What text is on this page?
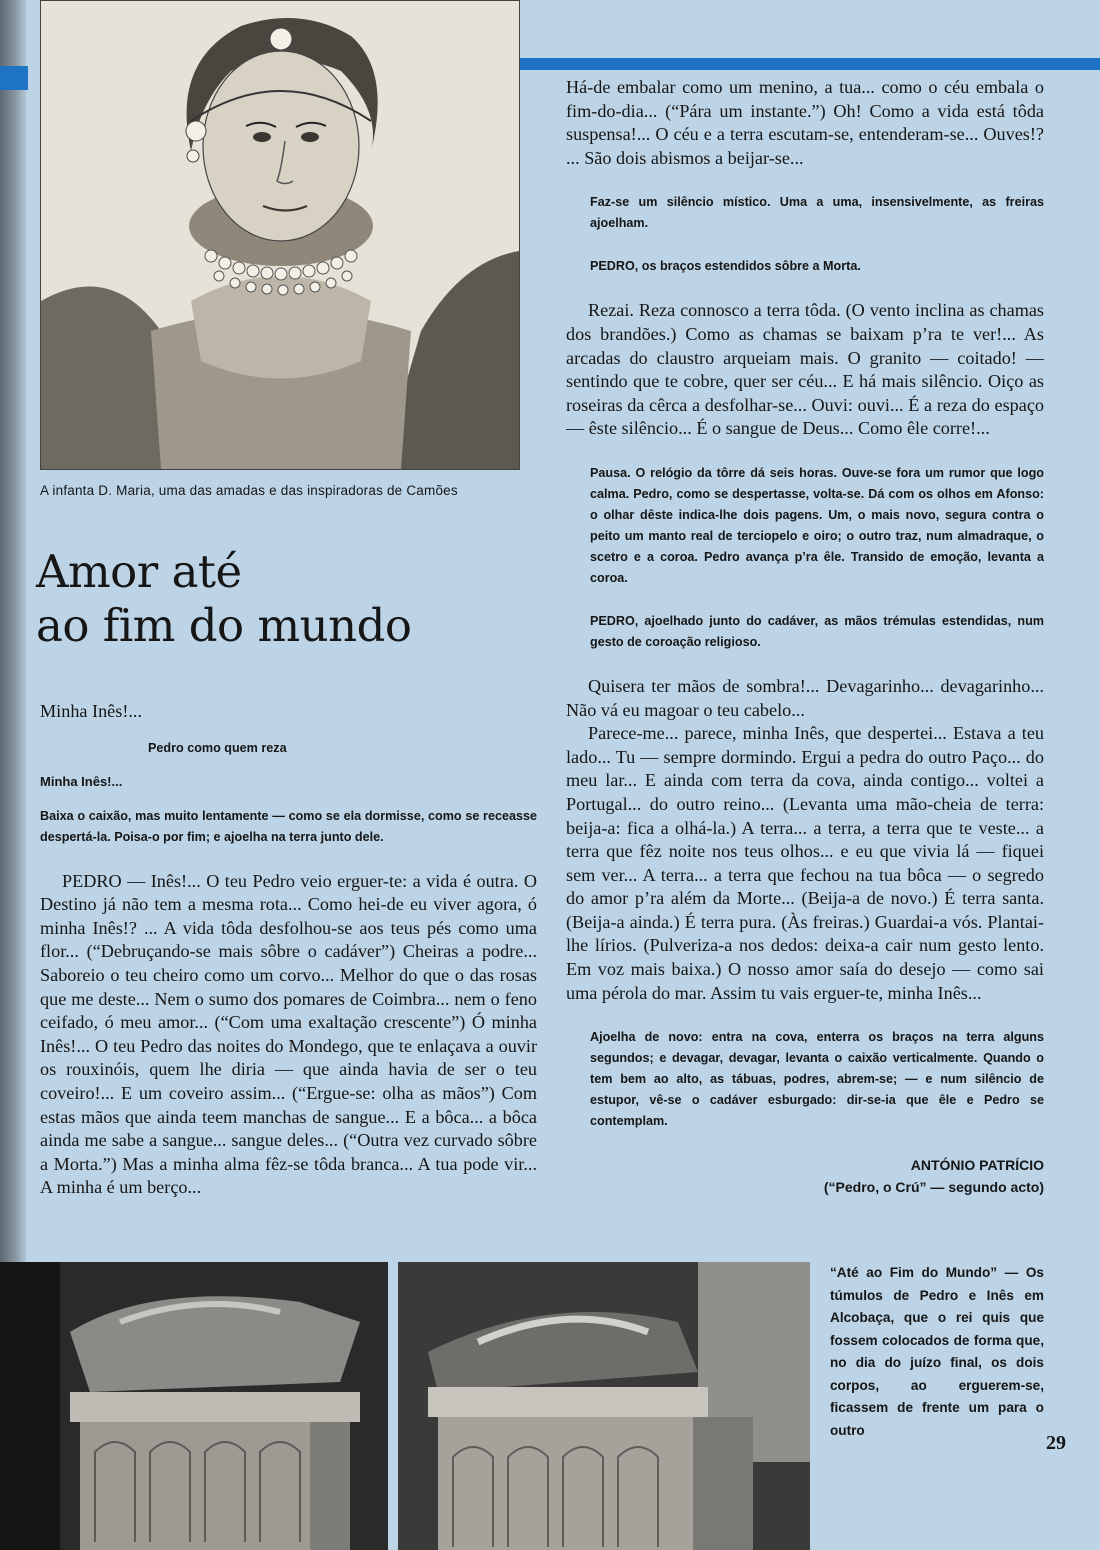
A infanta D. Maria, uma das amadas e das inspiradoras de Camões
Amor até
ao fim do mundo

Minha Inês!...

Pedro como quem reza

Minha Inês!...

Baixa o caixão, mas muito lentamente — como se ela dormisse, como se receasse despertá-la. Poisa-o por fim; e ajoelha na terra junto dele.

PEDRO — Inês!... O teu Pedro veio erguer-te: a vida é outra. O Destino já não tem a mesma rota... Como hei-de eu viver agora, ó minha Inês!? ... A vida tôda desfolhou-se aos teus pés como uma flor... (“Debruçando-se mais sôbre o cadáver”) Cheiras a podre... Saboreio o teu cheiro como um corvo... Melhor do que o das rosas que me deste... Nem o sumo dos pomares de Coimbra... nem o feno ceifado, ó meu amor... (“Com uma exaltação crescente”) Ó minha Inês!... O teu Pedro das noites do Mondego, que te enlaçava a ouvir os rouxinóis, quem lhe diria — que ainda havia de ser o teu coveiro!... E um coveiro assim... (“Ergue-se: olha as mãos”) Com estas mãos que ainda teem manchas de sangue... E a bôca... a bôca ainda me sabe a sangue... sangue deles... (“Outra vez curvado sôbre a Morta.”) Mas a minha alma fêz-se tôda branca... A tua pode vir... A minha é um berço...

Há-de embalar como um menino, a tua... como o céu embala o fim-do-dia... (“Pára um instante.”) Oh! Como a vida está tôda suspensa!... O céu e a terra escutam-se, entenderam-se... Ouves!? ... São dois abismos a beijar-se...

Faz-se um silêncio místico. Uma a uma, insensivelmente, as freiras ajoelham.

PEDRO, os braços estendidos sôbre a Morta.

Rezai. Reza connosco a terra tôda. (O vento inclina as chamas dos brandões.) Como as chamas se baixam p’ra te ver!... As arcadas do claustro arqueiam mais. O granito — coitado! — sentindo que te cobre, quer ser céu... E há mais silêncio. Oiço as roseiras da cêrca a desfolhar-se... Ouvi: ouvi... É a reza do espaço — êste silêncio... É o sangue de Deus... Como êle corre!...

Pausa. O relógio da tôrre dá seis horas. Ouve-se fora um rumor que logo calma. Pedro, como se despertasse, volta-se. Dá com os olhos em Afonso: o olhar dêste indica-lhe dois pagens. Um, o mais novo, segura contra o peito um manto real de terciopelo e oiro; o outro traz, num almadraque, o scetro e a coroa. Pedro avança p’ra êle. Transido de emoção, levanta a coroa.

PEDRO, ajoelhado junto do cadáver, as mãos trémulas estendidas, num gesto de coroação religioso.

Quisera ter mãos de sombra!... Devagarinho... devagarinho... Não vá eu magoar o teu cabelo...

Parece-me... parece, minha Inês, que despertei... Estava a teu lado... Tu — sempre dormindo. Ergui a pedra do outro Paço... do meu lar... E ainda com terra da cova, ainda contigo... voltei a Portugal... do outro reino... (Levanta uma mão-cheia de terra: beija-a: fica a olhá-la.) A terra... a terra, a terra que te veste... a terra que fêz noite nos teus olhos... e eu que vivia lá — fiquei sem ver... A terra... a terra que fechou na tua bôca — o segredo do amor p’ra além da Morte... (Beija-a de novo.) É terra santa. (Beija-a ainda.) É terra pura. (Às freiras.) Guardai-a vós. Plantai-lhe lírios. (Pulveriza-a nos dedos: deixa-a cair num gesto lento. Em voz mais baixa.) O nosso amor saía do desejo — como sai uma pérola do mar. Assim tu vais erguer-te, minha Inês...

Ajoelha de novo: entra na cova, enterra os braços na terra alguns segundos; e devagar, devagar, levanta o caixão verticalmente. Quando o tem bem ao alto, as tábuas, podres, abrem-se; — e num silêncio de estupor, vê-se o cadáver esburgado: dir-se-ia que êle e Pedro se contemplam.

ANTÓNIO PATRÍCIO

(“Pedro, o Crú” — segundo acto)

“Até ao Fim do Mundo” — Os túmulos de Pedro e Inês em Alcobaça, que o rei quis que fossem colocados de forma que, no dia do juízo final, os dois corpos, ao erguerem-se, ficassem de frente um para o outro

29
